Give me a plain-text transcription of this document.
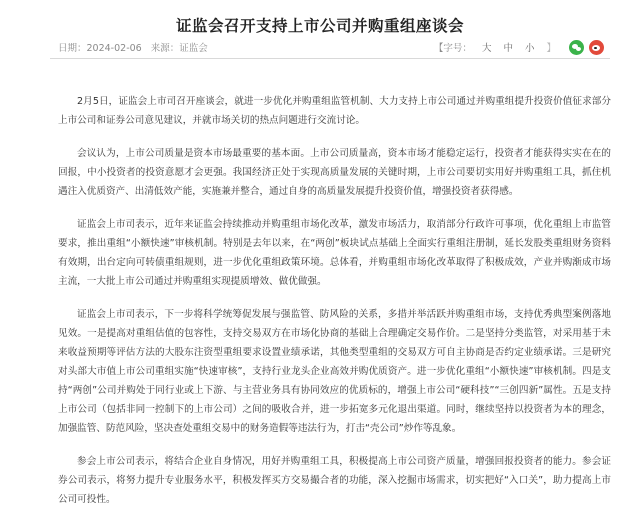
证监会召开支持上市公司并购重组座谈会
日期：2024-02-06 来源：证监会	【字号： 大 中 小 】

2月5日，证监会上市司召开座谈会，就进一步优化并购重组监管机制、大力支持上市公司通过并购重组提升投资价值征求部分上市公司和证券公司意见建议，并就市场关切的热点问题进行交流讨论。

会议认为，上市公司质量是资本市场最重要的基本面。上市公司质量高，资本市场才能稳定运行，投资者才能获得实实在在的回报，中小投资者的投资意愿才会更强。我国经济正处于实现高质量发展的关键时期，上市公司要切实用好并购重组工具，抓住机遇注入优质资产、出清低效产能，实施兼并整合，通过自身的高质量发展提升投资价值，增强投资者获得感。

证监会上市司表示，近年来证监会持续推动并购重组市场化改革，激发市场活力，取消部分行政许可事项，优化重组上市监管要求，推出重组“小额快速”审核机制。特别是去年以来，在“两创”板块试点基础上全面实行重组注册制，延长发股类重组财务资料有效期，出台定向可转债重组规则，进一步优化重组政策环境。总体看，并购重组市场化改革取得了积极成效，产业并购渐成市场主流，一大批上市公司通过并购重组实现提质增效、做优做强。

证监会上市司表示，下一步将科学统筹促发展与强监管、防风险的关系，多措并举活跃并购重组市场，支持优秀典型案例落地见效。一是提高对重组估值的包容性，支持交易双方在市场化协商的基础上合理确定交易作价。二是坚持分类监管，对采用基于未来收益预期等评估方法的大股东注资型重组要求设置业绩承诺，其他类型重组的交易双方可自主协商是否约定业绩承诺。三是研究对头部大市值上市公司重组实施“快速审核”，支持行业龙头企业高效并购优质资产。进一步优化重组“小额快速”审核机制。四是支持“两创”公司并购处于同行业或上下游、与主营业务具有协同效应的优质标的，增强上市公司“硬科技”“三创四新”属性。五是支持上市公司（包括非同一控制下的上市公司）之间的吸收合并，进一步拓宽多元化退出渠道。同时，继续坚持以投资者为本的理念，加强监管、防范风险，坚决查处重组交易中的财务造假等违法行为，打击“壳公司”炒作等乱象。

参会上市公司表示，将结合企业自身情况，用好并购重组工具，积极提高上市公司资产质量，增强回报投资者的能力。参会证券公司表示，将努力提升专业服务水平，积极发挥买方交易撮合者的功能，深入挖掘市场需求，切实把好“入口关”，助力提高上市公司可投性。
